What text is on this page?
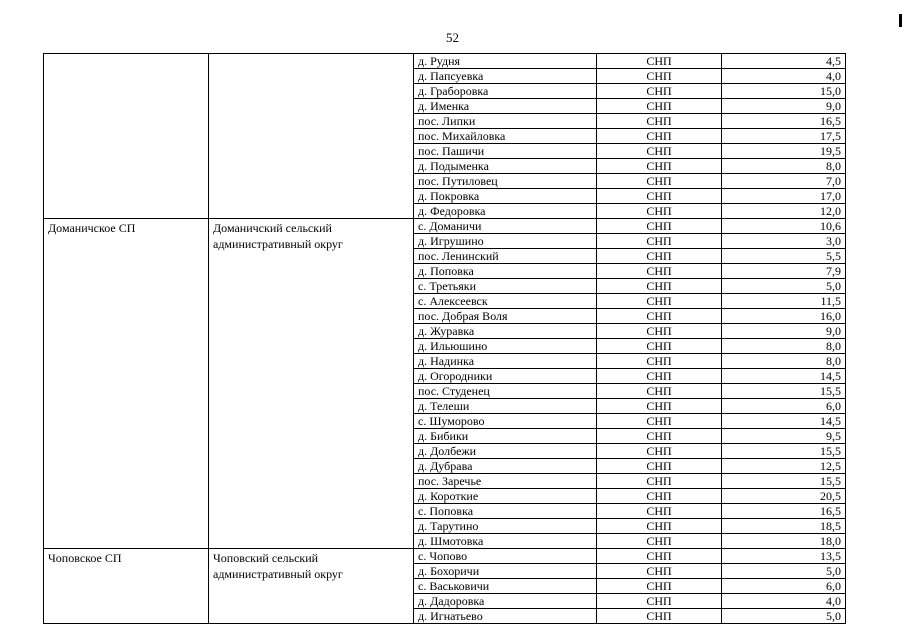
52
		д. Рудня	СНП	4,5
		д. Папсуевка	СНП	4,0
		д. Граборовка	СНП	15,0
		д. Именка	СНП	9,0
		пос. Липки	СНП	16,5
		пос. Михайловка	СНП	17,5
		пос. Пашичи	СНП	19,5
		д. Подыменка	СНП	8,0
		пос. Путиловец	СНП	7,0
		д. Покровка	СНП	17,0
		д. Федоровка	СНП	12,0
Доманичское СП	Доманичский сельский административный округ	с. Доманичи	СНП	10,6
		д. Игрушино	СНП	3,0
		пос. Ленинский	СНП	5,5
		д. Поповка	СНП	7,9
		с. Третьяки	СНП	5,0
		с. Алексеевск	СНП	11,5
		пос. Добрая Воля	СНП	16,0
		д. Журавка	СНП	9,0
		д. Ильюшино	СНП	8,0
		д. Надинка	СНП	8,0
		д. Огородники	СНП	14,5
		пос. Студенец	СНП	15,5
		д. Телеши	СНП	6,0
		с. Шуморово	СНП	14,5
		д. Бибики	СНП	9,5
		д. Долбежи	СНП	15,5
		д. Дубрава	СНП	12,5
		пос. Заречье	СНП	15,5
		д. Короткие	СНП	20,5
		с. Поповка	СНП	16,5
		д. Тарутино	СНП	18,5
		д. Шмотовка	СНП	18,0
Чоповское СП	Чоповский сельский административный округ	с. Чопово	СНП	13,5
		д. Бохоричи	СНП	5,0
		с. Васьковичи	СНП	6,0
		д. Дадоровка	СНП	4,0
		д. Игнатьево	СНП	5,0
